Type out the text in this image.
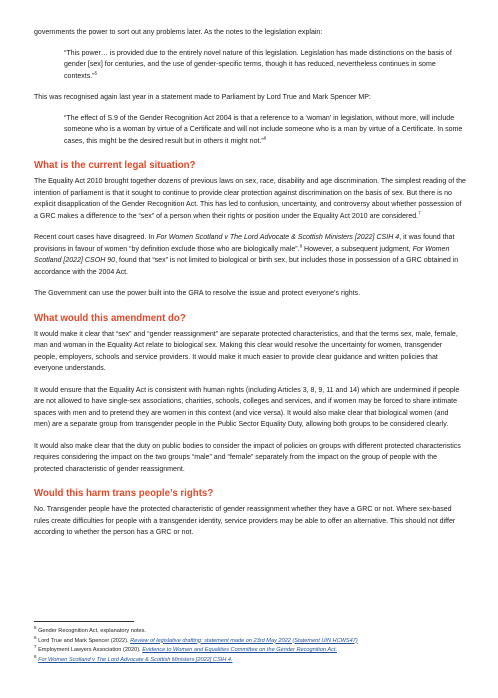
governments the power to sort out any problems later. As the notes to the legislation explain:

“This power… is provided due to the entirely novel nature of this legislation. Legislation has made distinctions on the basis of gender [sex] for centuries, and the use of gender-specific terms, though it has reduced, nevertheless continues in some contexts.”$^5$

This was recognised again last year in a statement made to Parliament by Lord True and Mark Spencer MP:

“The effect of S.9 of the Gender Recognition Act 2004 is that a reference to a ‘woman’ in legislation, without more, will include someone who is a woman by virtue of a Certificate and will not include someone who is a man by virtue of a Certificate. In some cases, this might be the desired result but in others it might not.”$^6$

What is the current legal situation?

The Equality Act 2010 brought together dozens of previous laws on sex, race, disability and age discrimination. The simplest reading of the intention of parliament is that it sought to continue to provide clear protection against discrimination on the basis of sex. But there is no explicit disapplication of the Gender Recognition Act. This has led to confusion, uncertainty, and controversy about whether possession of a GRC makes a difference to the “sex” of a person when their rights or position under the Equality Act 2010 are considered.$^7$

Recent court cases have disagreed. In For Women Scotland v The Lord Advocate & Scottish Ministers [2022] CSIH 4, it was found that provisions in favour of women “by definition exclude those who are biologically male”.$^8$ However, a subsequent judgment, For Women Scotland [2022] CSOH 90, found that “sex” is not limited to biological or birth sex, but includes those in possession of a GRC obtained in accordance with the 2004 Act.

The Government can use the power built into the GRA to resolve the issue and protect everyone’s rights.

What would this amendment do?

It would make it clear that “sex” and “gender reassignment” are separate protected characteristics, and that the terms sex, male, female, man and woman in the Equality Act relate to biological sex. Making this clear would resolve the uncertainty for women, transgender people, employers, schools and service providers. It would make it much easier to provide clear guidance and written policies that everyone understands.

It would ensure that the Equality Act is consistent with human rights (including Articles 3, 8, 9, 11 and 14) which are undermined if people are not allowed to have single-sex associations, charities, schools, colleges and services, and if women may be forced to share intimate spaces with men and to pretend they are women in this context (and vice versa). It would also make clear that biological women (and men) are a separate group from transgender people in the Public Sector Equality Duty, allowing both groups to be considered clearly.

It would also make clear that the duty on public bodies to consider the impact of policies on groups with different protected characteristics requires considering the impact on the two groups “male” and “female” separately from the impact on the group of people with the protected characteristic of gender reassignment.

Would this harm trans people’s rights?

No. Transgender people have the protected characteristic of gender reassignment whether they have a GRC or not. Where sex-based rules create difficulties for people with a transgender identity, service providers may be able to offer an alternative. This should not differ according to whether the person has a GRC or not.

$^5$ Gender Recognition Act, explanatory notes.

$^6$ Lord True and Mark Spencer (2022). Review of legislative drafting: statement made on 23rd May 2022 (Statement UIN HCWS47)

$^7$ Employment Lawyers Association (2020). Evidence to Women and Equalities Committee on the Gender Recognition Act.

$^8$ For Women Scotland v The Lord Advocate & Scottish Ministers [2022] CSIH 4.
